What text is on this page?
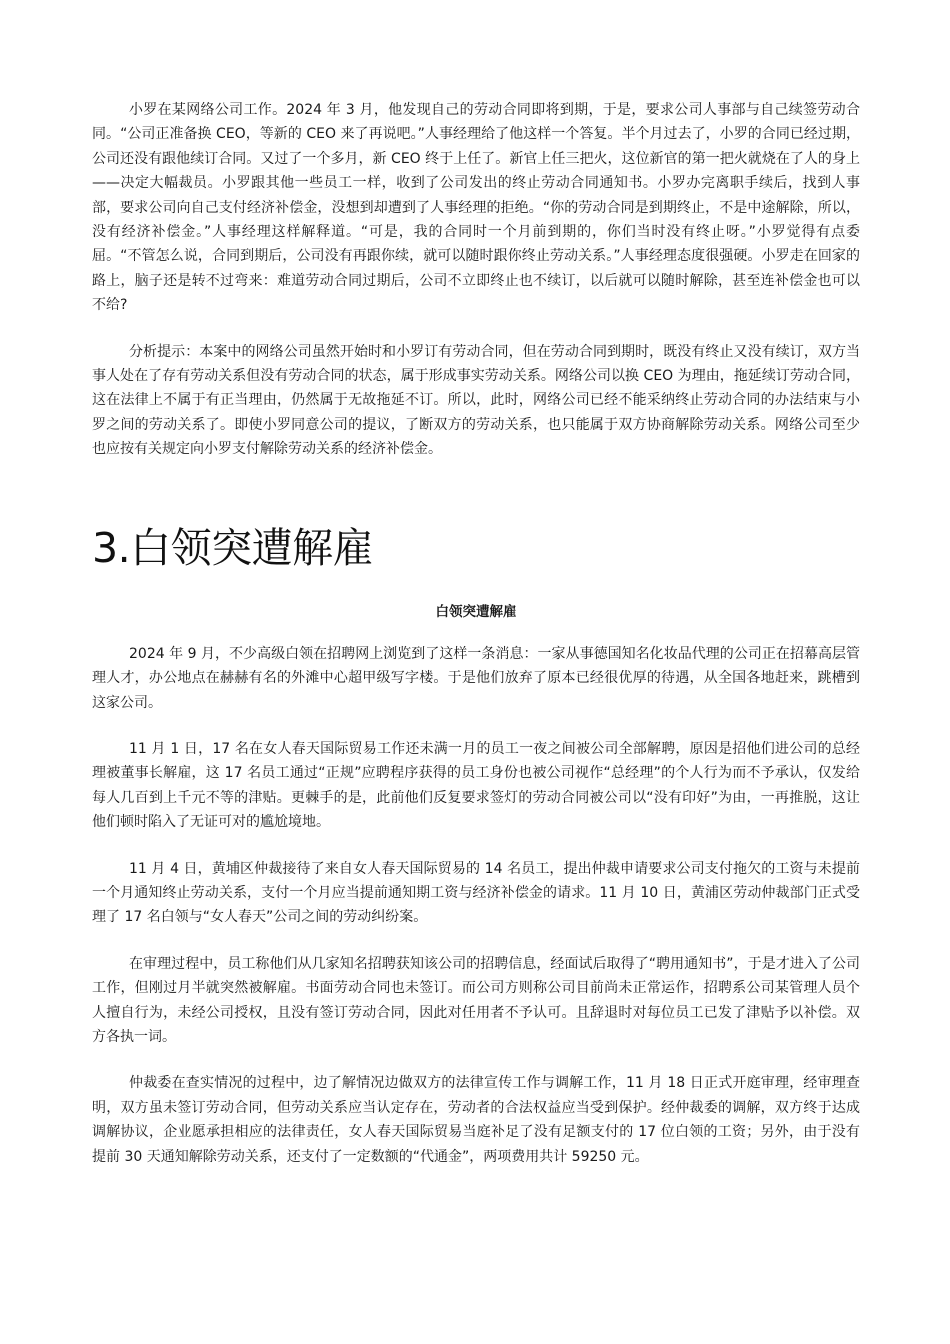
小罗在某网络公司工作。2024 年 3 月，他发现自己的劳动合同即将到期，于是，要求公司人事部与自己续签劳动合同。“公司正准备换 CEO，等新的 CEO 来了再说吧。”人事经理给了他这样一个答复。半个月过去了，小罗的合同已经过期，公司还没有跟他续订合同。又过了一个多月，新 CEO 终于上任了。新官上任三把火，这位新官的第一把火就烧在了人的身上——决定大幅裁员。小罗跟其他一些员工一样，收到了公司发出的终止劳动合同通知书。小罗办完离职手续后，找到人事部，要求公司向自己支付经济补偿金，没想到却遭到了人事经理的拒绝。“你的劳动合同是到期终止，不是中途解除，所以，没有经济补偿金。”人事经理这样解释道。“可是，我的合同时一个月前到期的，你们当时没有终止呀。”小罗觉得有点委屈。“不管怎么说，合同到期后，公司没有再跟你续，就可以随时跟你终止劳动关系。”人事经理态度很强硬。小罗走在回家的路上，脑子还是转不过弯来：难道劳动合同过期后，公司不立即终止也不续订，以后就可以随时解除，甚至连补偿金也可以不给?

分析提示：本案中的网络公司虽然开始时和小罗订有劳动合同，但在劳动合同到期时，既没有终止又没有续订，双方当事人处在了存有劳动关系但没有劳动合同的状态，属于形成事实劳动关系。网络公司以换 CEO 为理由，拖延续订劳动合同，这在法律上不属于有正当理由，仍然属于无故拖延不订。所以，此时，网络公司已经不能采纳终止劳动合同的办法结束与小罗之间的劳动关系了。即使小罗同意公司的提议，了断双方的劳动关系，也只能属于双方协商解除劳动关系。网络公司至少也应按有关规定向小罗支付解除劳动关系的经济补偿金。

3.白领突遭解雇

白领突遭解雇

2024 年 9 月，不少高级白领在招聘网上浏览到了这样一条消息：一家从事德国知名化妆品代理的公司正在招幕高层管理人才，办公地点在赫赫有名的外滩中心超甲级写字楼。于是他们放弃了原本已经很优厚的待遇，从全国各地赶来，跳槽到这家公司。

11 月 1 日，17 名在女人春天国际贸易工作还未满一月的员工一夜之间被公司全部解聘，原因是招他们进公司的总经理被董事长解雇，这 17 名员工通过“正规”应聘程序获得的员工身份也被公司视作“总经理”的个人行为而不予承认，仅发给每人几百到上千元不等的津贴。更棘手的是，此前他们反复要求签灯的劳动合同被公司以“没有印好”为由，一再推脱，这让他们顿时陷入了无证可对的尴尬境地。

11 月 4 日，黄埔区仲裁接待了来自女人春天国际贸易的 14 名员工，提出仲裁申请要求公司支付拖欠的工资与未提前一个月通知终止劳动关系，支付一个月应当提前通知期工资与经济补偿金的请求。11 月 10 日，黄浦区劳动仲裁部门正式受理了 17 名白领与“女人春天”公司之间的劳动纠纷案。

在审理过程中，员工称他们从几家知名招聘获知该公司的招聘信息，经面试后取得了“聘用通知书”，于是才进入了公司工作，但刚过月半就突然被解雇。书面劳动合同也未签订。而公司方则称公司目前尚未正常运作，招聘系公司某管理人员个人擅自行为，未经公司授权，且没有签订劳动合同，因此对任用者不予认可。且辞退时对每位员工已发了津贴予以补偿。双方各执一词。

仲裁委在查实情况的过程中，边了解情况边做双方的法律宣传工作与调解工作，11 月 18 日正式开庭审理，经审理查明，双方虽未签订劳动合同，但劳动关系应当认定存在，劳动者的合法权益应当受到保护。经仲裁委的调解，双方终于达成调解协议，企业愿承担相应的法律责任，女人春天国际贸易当庭补足了没有足额支付的 17 位白领的工资；另外，由于没有提前 30 天通知解除劳动关系，还支付了一定数额的“代通金”，两项费用共计 59250 元。
